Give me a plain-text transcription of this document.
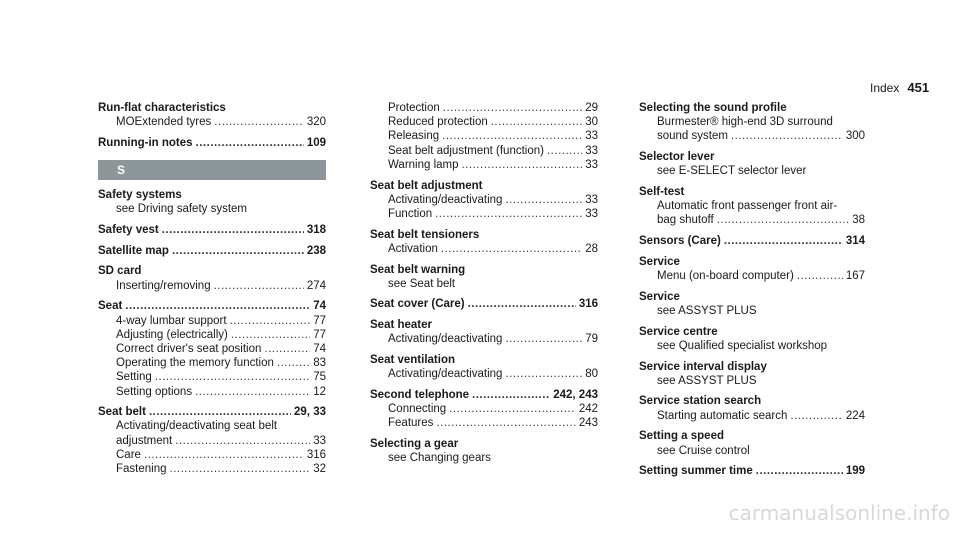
Index 451
Run-flat characteristics
MOExtended tyres .....	320
Running-in notes .....	109
S
Safety systems
see Driving safety system
Safety vest .....	318
Satellite map .....	238
SD card
Inserting/removing .....	274
Seat .....	74
4-way lumbar support .....	77
Adjusting (electrically) .....	77
Correct driver's seat position .....	74
Operating the memory function .....	83
Setting .....	75
Setting options .....	12
Seat belt .....	29, 33
Activating/deactivating seat belt
adjustment .....	33
Care .....	316
Fastening .....	32
Protection .....	29
Reduced protection .....	30
Releasing .....	33
Seat belt adjustment (function) .....	33
Warning lamp .....	33
Seat belt adjustment
Activating/deactivating .....	33
Function .....	33
Seat belt tensioners
Activation .....	28
Seat belt warning
see Seat belt
Seat cover (Care) .....	316
Seat heater
Activating/deactivating .....	79
Seat ventilation
Activating/deactivating .....	80
Second telephone .....	242, 243
Connecting .....	242
Features .....	243
Selecting a gear
see Changing gears
Selecting the sound profile
Burmester® high-end 3D surround
sound system .....	300
Selector lever
see E-SELECT selector lever
Self-test
Automatic front passenger front air-
bag shutoff .....	38
Sensors (Care) .....	314
Service
Menu (on-board computer) .....	167
Service
see ASSYST PLUS
Service centre
see Qualified specialist workshop
Service interval display
see ASSYST PLUS
Service station search
Starting automatic search .....	224
Setting a speed
see Cruise control
Setting summer time .....	199
carmanualsonline.info
